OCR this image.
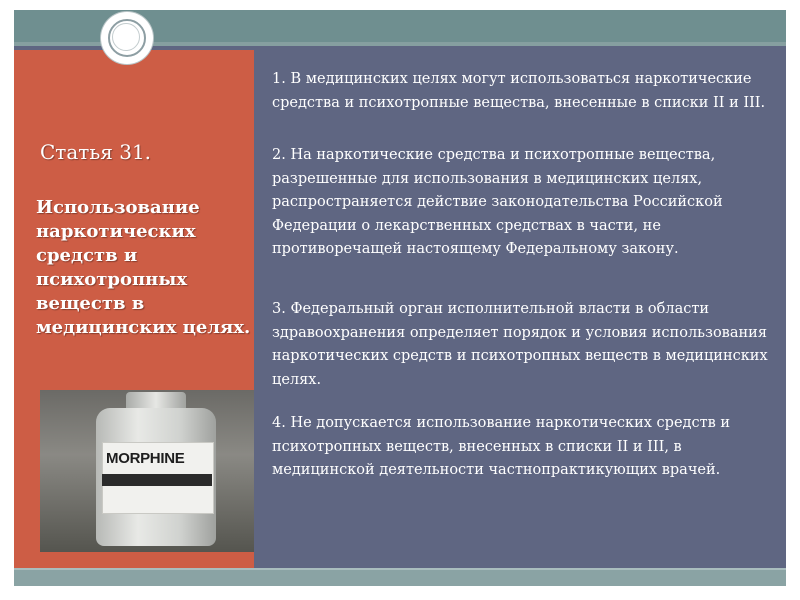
Статья 31.
Использование наркотических средств и психотропных веществ в медицинских целях.
MORPHINE

1. В медицинских целях могут использоваться наркотические средства и психотропные вещества, внесенные в списки II и III.

2. На наркотические средства и психотропные вещества, разрешенные для использования в медицинских целях, распространяется действие законодательства Российской Федерации о лекарственных средствах в части, не противоречащей настоящему Федеральному закону.

3. Федеральный орган исполнительной власти в области здравоохранения определяет порядок и условия использования наркотических средств и психотропных веществ в медицинских целях.

4. Не допускается использование наркотических средств и психотропных веществ, внесенных в списки II и III, в медицинской деятельности частнопрактикующих врачей.
